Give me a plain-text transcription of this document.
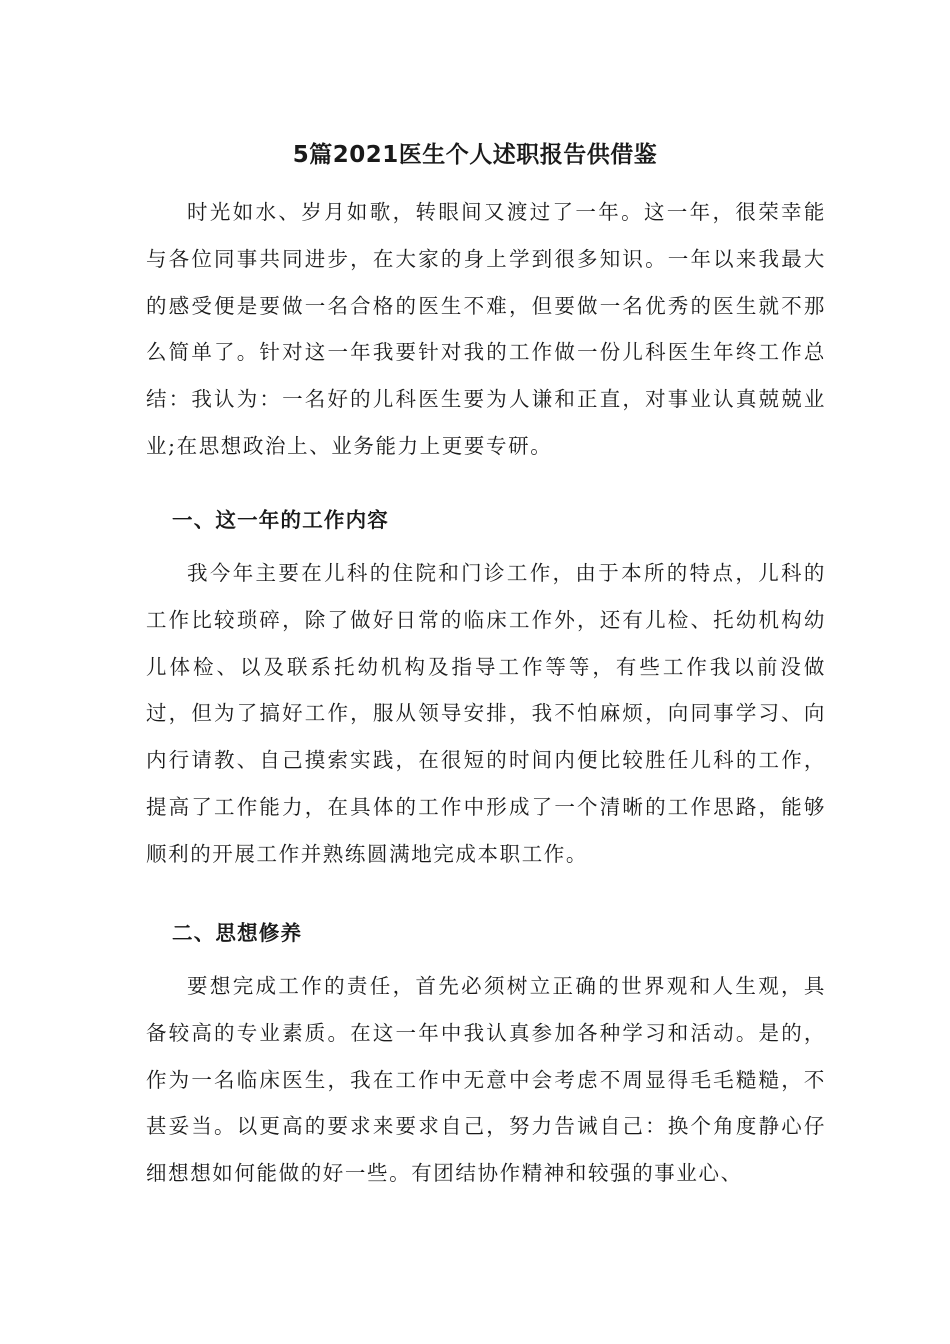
5篇2021医生个人述职报告供借鉴

时光如水、岁月如歌，转眼间又渡过了一年。这一年，很荣幸能与各位同事共同进步，在大家的身上学到很多知识。一年以来我最大的感受便是要做一名合格的医生不难，但要做一名优秀的医生就不那么简单了。针对这一年我要针对我的工作做一份儿科医生年终工作总结：我认为：一名好的儿科医生要为人谦和正直，对事业认真兢兢业业;在思想政治上、业务能力上更要专研。

一、这一年的工作内容

我今年主要在儿科的住院和门诊工作，由于本所的特点，儿科的工作比较琐碎，除了做好日常的临床工作外，还有儿检、托幼机构幼儿体检、以及联系托幼机构及指导工作等等，有些工作我以前没做过，但为了搞好工作，服从领导安排，我不怕麻烦，向同事学习、向内行请教、自己摸索实践，在很短的时间内便比较胜任儿科的工作，提高了工作能力，在具体的工作中形成了一个清晰的工作思路，能够顺利的开展工作并熟练圆满地完成本职工作。

二、思想修养

要想完成工作的责任，首先必须树立正确的世界观和人生观，具备较高的专业素质。在这一年中我认真参加各种学习和活动。是的，作为一名临床医生，我在工作中无意中会考虑不周显得毛毛糙糙，不甚妥当。以更高的要求来要求自己，努力告诫自己：换个角度静心仔细想想如何能做的好一些。有团结协作精神和较强的事业心、
